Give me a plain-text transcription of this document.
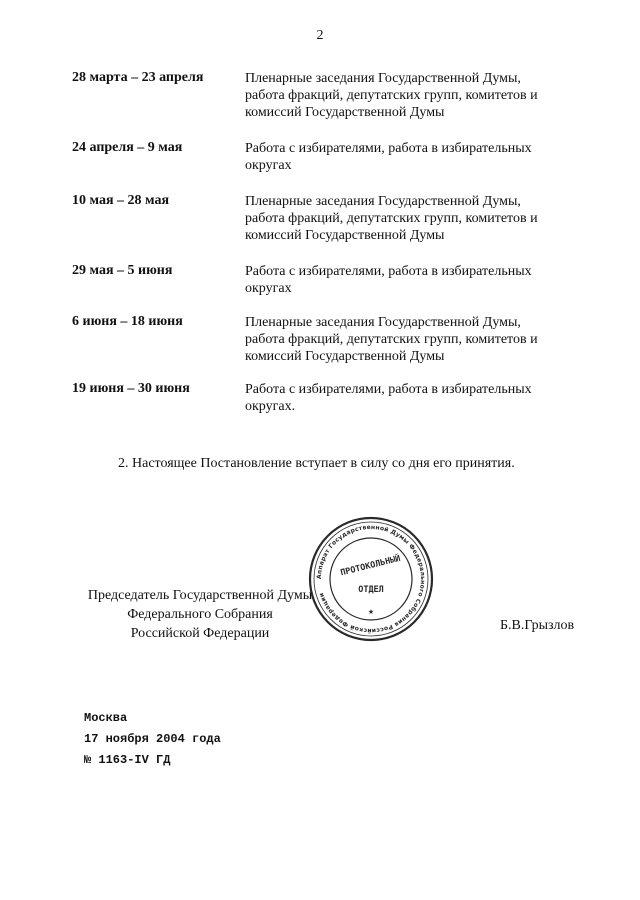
2
28 марта – 23 апреля	Пленарные заседания Государственной Думы,
работа фракций, депутатских групп, комитетов и
комиссий Государственной Думы
24 апреля – 9 мая	Работа с избирателями, работа в избирательных
округах
10 мая – 28 мая	Пленарные заседания Государственной Думы,
работа фракций, депутатских групп, комитетов и
комиссий Государственной Думы
29 мая – 5 июня	Работа с избирателями, работа в избирательных
округах
6 июня – 18 июня	Пленарные заседания Государственной Думы,
работа фракций, депутатских групп, комитетов и
комиссий Государственной Думы
19 июня – 30 июня	Работа с избирателями, работа в избирательных
округах.
2. Настоящее Постановление вступает в силу со дня его принятия.
Аппарат Государственной Думы Федерального Собрания Российской Федерации
ПРОТОКОЛЬНЫЙ
ОТДЕЛ
★
Председатель Государственной Думы
Федерального Собрания
Российской Федерации
Б.В.Грызлов
Москва
17 ноября 2004 года
№ 1163-IV ГД
